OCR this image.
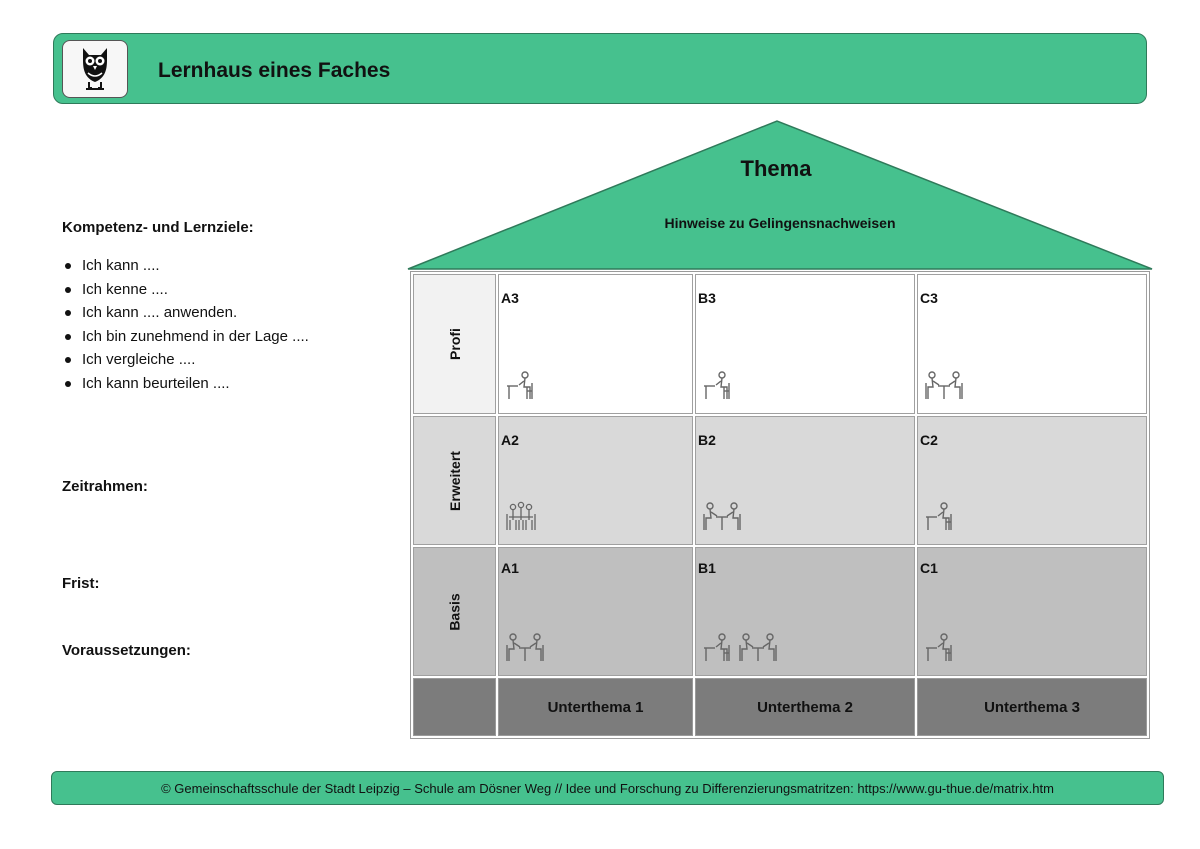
Lernhaus eines Faches
Kompetenz- und Lernziele:
Ich kann ....
Ich kenne ....
Ich kann .... anwenden.
Ich bin zunehmend in der Lage ....
Ich vergleiche ....
Ich kann beurteilen ....
Zeitrahmen:
Frist:
Voraussetzungen:
Thema
Hinweise zu Gelingensnachweisen
Profi
A3	B3	C3
Erweitert
A2	B2	C2
Basis
A1	B1	C1
Unterthema 1	Unterthema 2	Unterthema 3
© Gemeinschaftsschule der Stadt Leipzig – Schule am Dösner Weg // Idee und Forschung zu Differenzierungsmatritzen: https://www.gu-thue.de/matrix.htm
